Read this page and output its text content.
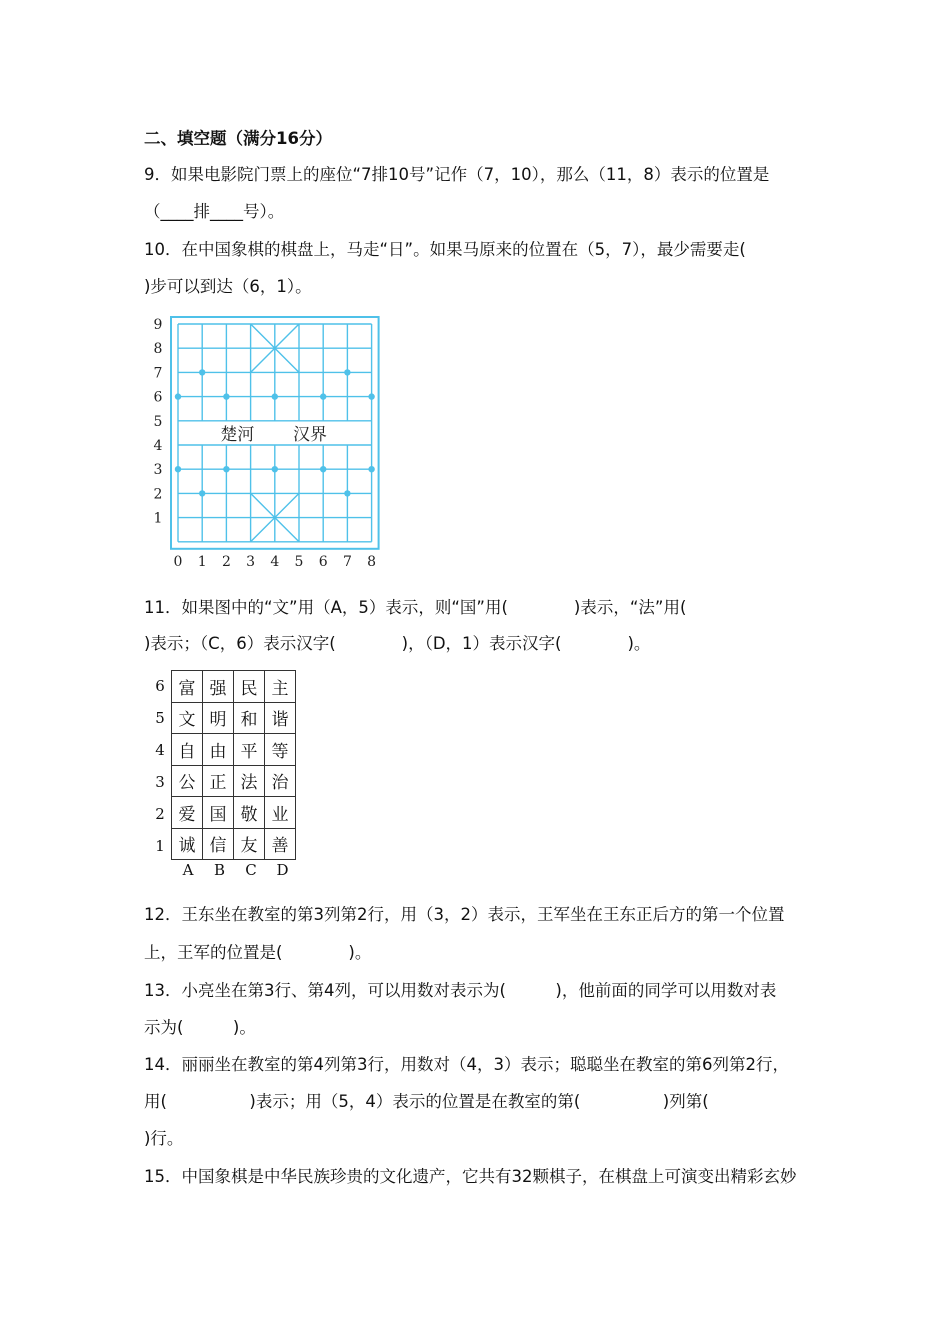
二、填空题（满分16分）
9．如果电影院门票上的座位“7排10号”记作（7，10），那么（11，8）表示的位置是
（____排____号）。
10．在中国象棋的棋盘上，马走“日”。如果马原来的位置在（5，7），最少需要走(
)步可以到达（6，1）。
楚河 汉界
0 1 2 3 4 5 6 7 8
1
2
3
4
5
6
7
8
9
11．如果图中的“文”用（A，5）表示，则“国”用(　　　　)表示，“法”用(
)表示；（C，6）表示汉字(　　　　)，（D，1）表示汉字(　　　　)。
富	强	民	主
文	明	和	谐
自	由	平	等
公	正	法	治
爱	国	敬	业
诚	信	友	善
6
5
4
3
2
1
A	B	C	D
12．王东坐在教室的第3列第2行，用（3，2）表示，王军坐在王东正后方的第一个位置
上，王军的位置是(　　　　)。
13．小亮坐在第3行、第4列，可以用数对表示为(　　　)，他前面的同学可以用数对表
示为(　　　)。
14．丽丽坐在教室的第4列第3行，用数对（4，3）表示；聪聪坐在教室的第6列第2行，
用(　　　　　)表示；用（5，4）表示的位置是在教室的第(　　　　　)列第(
)行。
15．中国象棋是中华民族珍贵的文化遗产，它共有32颗棋子，在棋盘上可演变出精彩玄妙
